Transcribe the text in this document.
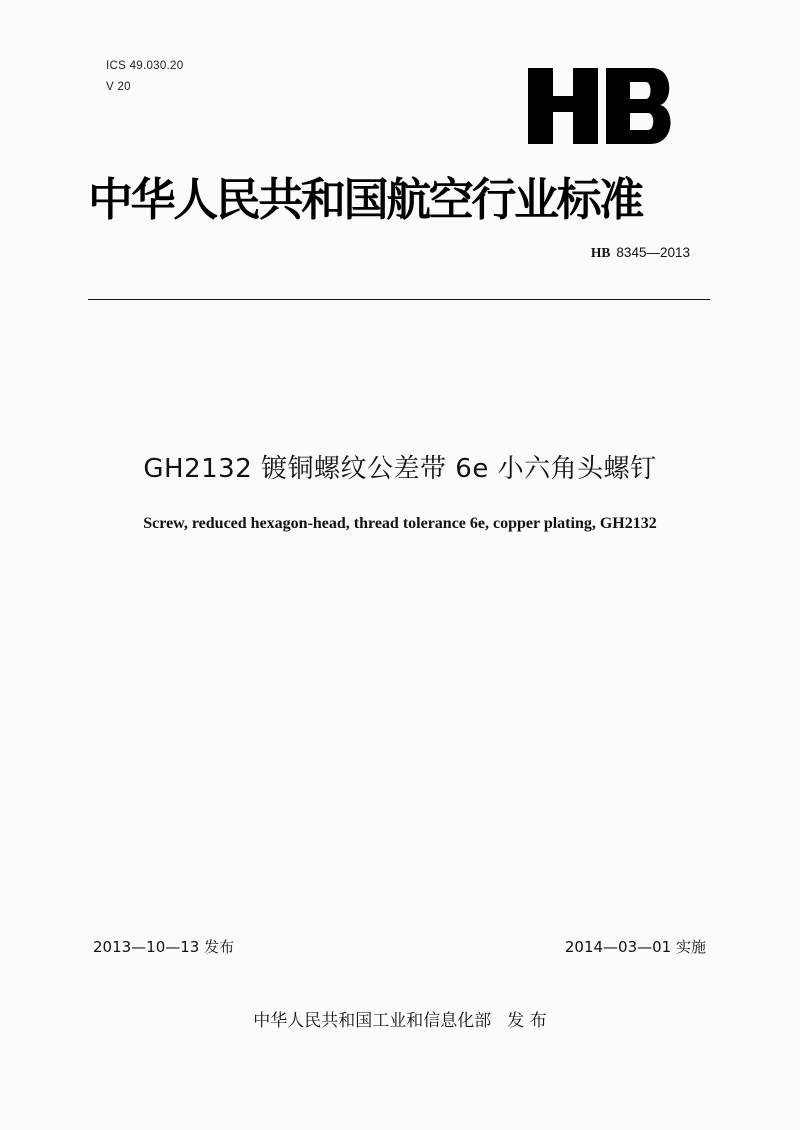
ICS 49.030.20
V 20
中华人民共和国航空行业标准
HB 8345—2013
GH2132 镀铜螺纹公差带 6e 小六角头螺钉
Screw, reduced hexagon-head, thread tolerance 6e, copper plating, GH2132
2013—10—13 发布	2014—03—01 实施
中华人民共和国工业和信息化部 发 布
